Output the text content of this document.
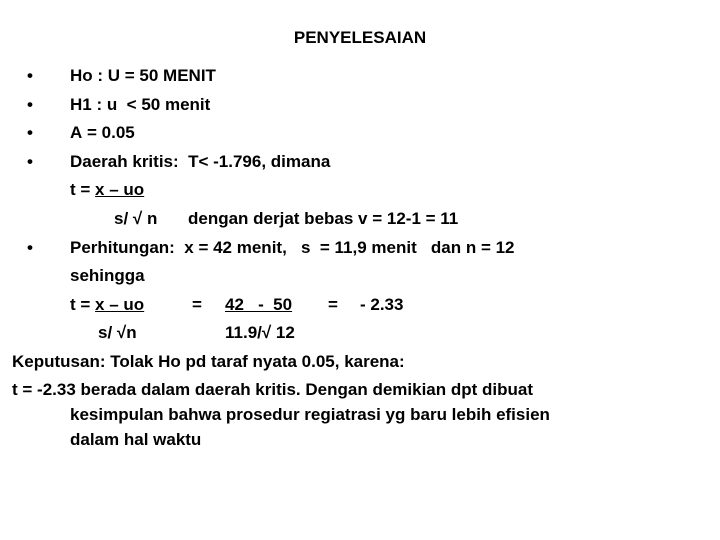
PENYELESAIAN
• Ho : U = 50 MENIT
• H1 : u  < 50 menit
• Α = 0.05
• Daerah kritis:  T< -1.796, dimana
t = x – uo
s/ √ n dengan derjat bebas v = 12-1 = 11
• Perhitungan:  x = 42 menit,   s  = 11,9 menit   dan n = 12
sehingga
t = x – uo	= 42   -  50 = - 2.33
s/ √n	11.9/√ 12
Keputusan: Tolak Ho pd taraf nyata 0.05, karena:
t = -2.33 berada dalam daerah kritis. Dengan demikian dpt dibuat
kesimpulan bahwa prosedur regiatrasi yg baru lebih efisien
dalam hal waktu
